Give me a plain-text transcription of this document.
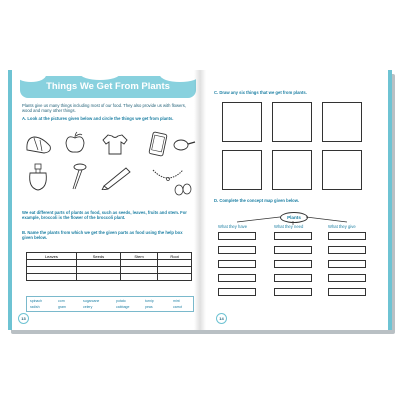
Things We Get From Plants
Plants give us many things including most of our food. They also provide us with flowers, wood and many other things.
A. Look at the pictures given below and circle the things we get from plants.
We eat different parts of plants as food, such as seeds, leaves, fruits and stem. For example, broccoli is the flower of the broccoli plant.
B. Name the plants from which we get the given parts as food using the help box given below.
Leaves	Seeds	Stem	Root

spinach	corn	sugarcane	potato	turnip	mint
radish	gram	celery	cabbage	peas	carrot
13
C. Draw any six things that we get from plants.
D. Complete the concept map given below.
Plants
What they have	What they need	What they give
14
